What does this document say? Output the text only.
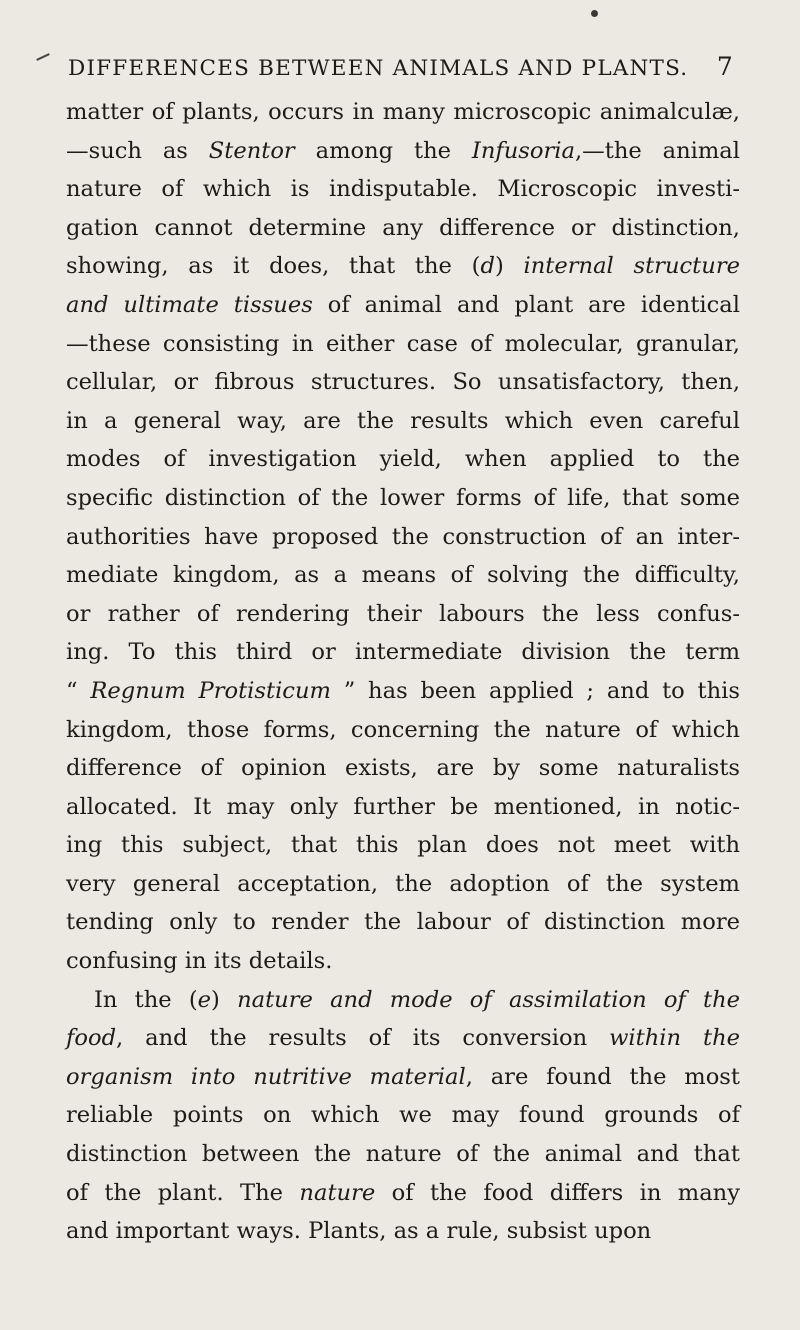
DIFFERENCES BETWEEN ANIMALS AND PLANTS. 7
matter of plants, occurs in many microscopic animalculæ,
—such as Stentor among the Infusoria,—the animal
nature of which is indisputable. Microscopic investi-
gation cannot determine any difference or distinction,
showing, as it does, that the (d) internal structure
and ultimate tissues of animal and plant are identical
—these consisting in either case of molecular, granular,
cellular, or fibrous structures. So unsatisfactory, then,
in a general way, are the results which even careful
modes of investigation yield, when applied to the
specific distinction of the lower forms of life, that some
authorities have proposed the construction of an inter-
mediate kingdom, as a means of solving the difficulty,
or rather of rendering their labours the less confus-
ing. To this third or intermediate division the term
“ Regnum Protisticum ” has been applied ; and to this
kingdom, those forms, concerning the nature of which
difference of opinion exists, are by some naturalists
allocated. It may only further be mentioned, in notic-
ing this subject, that this plan does not meet with
very general acceptation, the adoption of the system
tending only to render the labour of distinction more
confusing in its details.
In the (e) nature and mode of assimilation of the
food, and the results of its conversion within the
organism into nutritive material, are found the most
reliable points on which we may found grounds of
distinction between the nature of the animal and that
of the plant. The nature of the food differs in many
and important ways. Plants, as a rule, subsist upon
